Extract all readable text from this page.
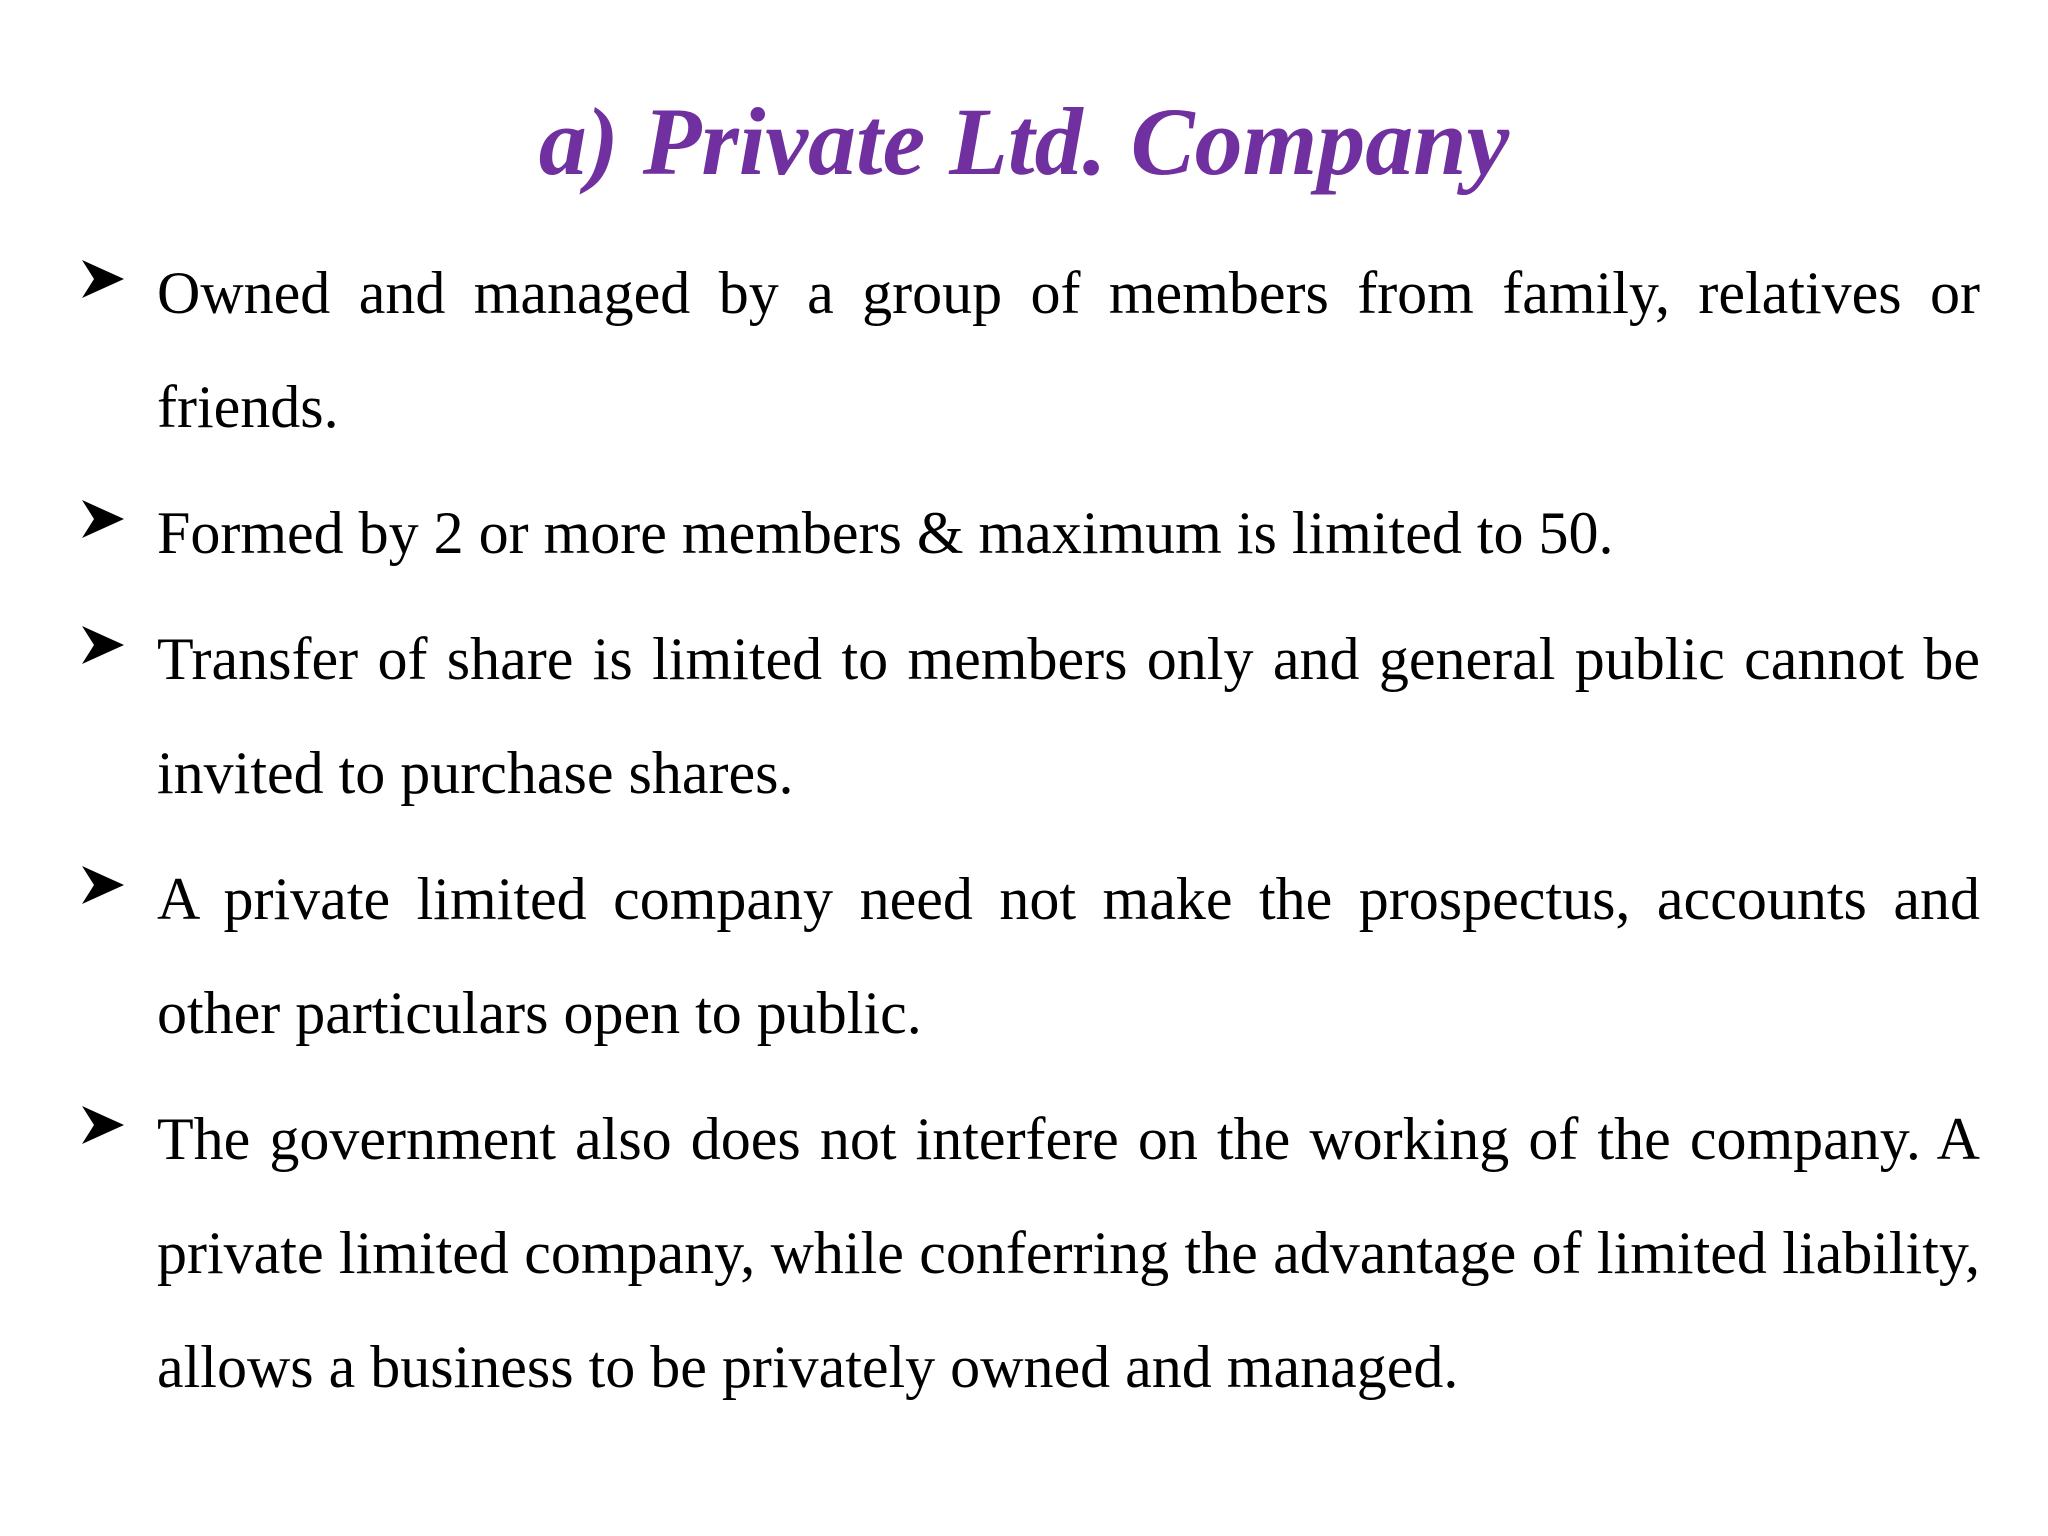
a) Private Ltd. Company
Owned and managed by a group of members from family, relatives or friends.
Formed by 2 or more members & maximum is limited to 50.
Transfer of share is limited to members only and general public cannot be invited to purchase shares.
A private limited company need not make the prospectus, accounts and other particulars open to public.
The government also does not interfere on the working of the company. A private limited company, while conferring the advantage of limited liability, allows a business to be privately owned and managed.
